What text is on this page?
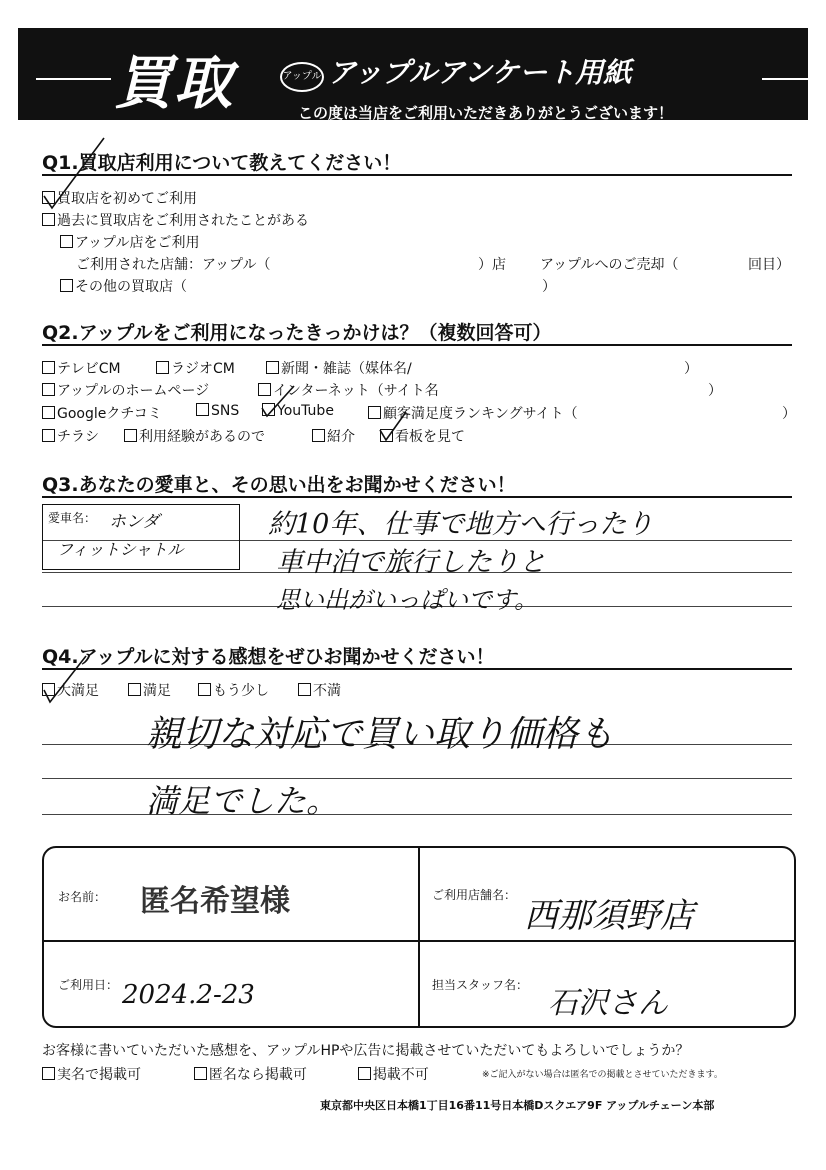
買取	アップル アップルアンケート用紙
この度は当店をご利用いただきありがとうございます！
Q1.買取店利用について教えてください！
買取店を初めてご利用
過去に買取店をご利用されたことがある
アップル店をご利用
ご利用された店舗：アップル（	）店 アップルへのご売却（	回目）
その他の買取店（	）
Q2.アップルをご利用になったきっかけは？（複数回答可）
テレビCM	ラジオCM	新聞・雑誌（媒体名/	）
アップルのホームページ	インターネット（サイト名	）
Googleクチコミ	SNS	YouTube	顧客満足度ランキングサイト（	）
チラシ	利用経験があるので	紹介	看板を見て
Q3.あなたの愛車と、その思い出をお聞かせください！
愛車名： ホンダ
フィットシャトル
約10年、仕事で地方へ行ったり
車中泊で旅行したりと
思い出がいっぱいです。
Q4.アップルに対する感想をぜひお聞かせください！
大満足	満足	もう少し	不満
親切な対応で買い取り価格も
満足でした。
お名前： 匿名希望様	ご利用店舗名：
西那須野店
ご利用日： 2024.2-23	担当スタッフ名：
石沢さん
お客様に書いていただいた感想を、アップルHPや広告に掲載させていただいてもよろしいでしょうか？
実名で掲載可	匿名なら掲載可	掲載不可	※ご記入がない場合は匿名での掲載とさせていただきます。
東京都中央区日本橋1丁目16番11号日本橋Dスクエア9F アップルチェーン本部
